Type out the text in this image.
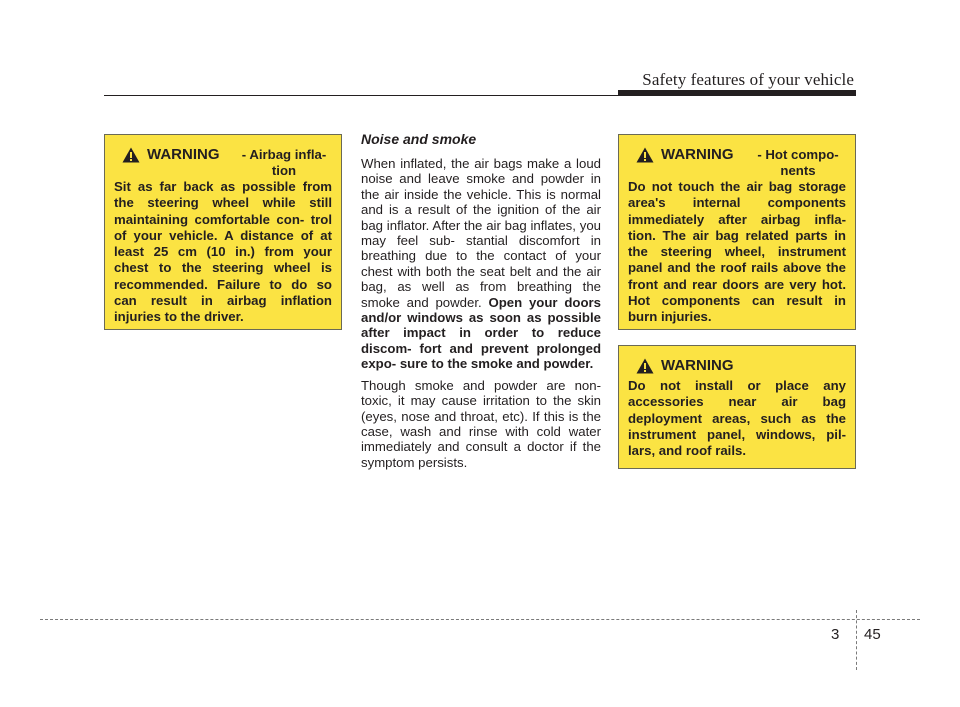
Safety features of your vehicle
WARNING	- Airbag infla-
tion

Sit as far back as possible from the steering wheel while still maintaining comfortable con- trol of your vehicle. A distance of at least 25 cm (10 in.) from your chest to the steering wheel is recommended. Failure to do so can result in airbag inflation injuries to the driver.

Noise and smoke

When inflated, the air bags make a loud noise and leave smoke and powder in the air inside the vehicle. This is normal and is a result of the ignition of the air bag inflator. After the air bag inflates, you may feel sub- stantial discomfort in breathing due to the contact of your chest with both the seat belt and the air bag, as well as from breathing the smoke and powder. Open your doors and/or windows as soon as possible after impact in order to reduce discom- fort and prevent prolonged expo- sure to the smoke and powder.

Though smoke and powder are non- toxic, it may cause irritation to the skin (eyes, nose and throat, etc). If this is the case, wash and rinse with cold water immediately and consult a doctor if the symptom persists.

WARNING	- Hot compo-
nents

Do not touch the air bag storage area's internal components immediately after airbag infla- tion. The air bag related parts in the steering wheel, instrument panel and the roof rails above the front and rear doors are very hot. Hot components can result in burn injuries.

WARNING

Do not install or place any accessories near air bag deployment areas, such as the instrument panel, windows, pil- lars, and roof rails.

3 45
